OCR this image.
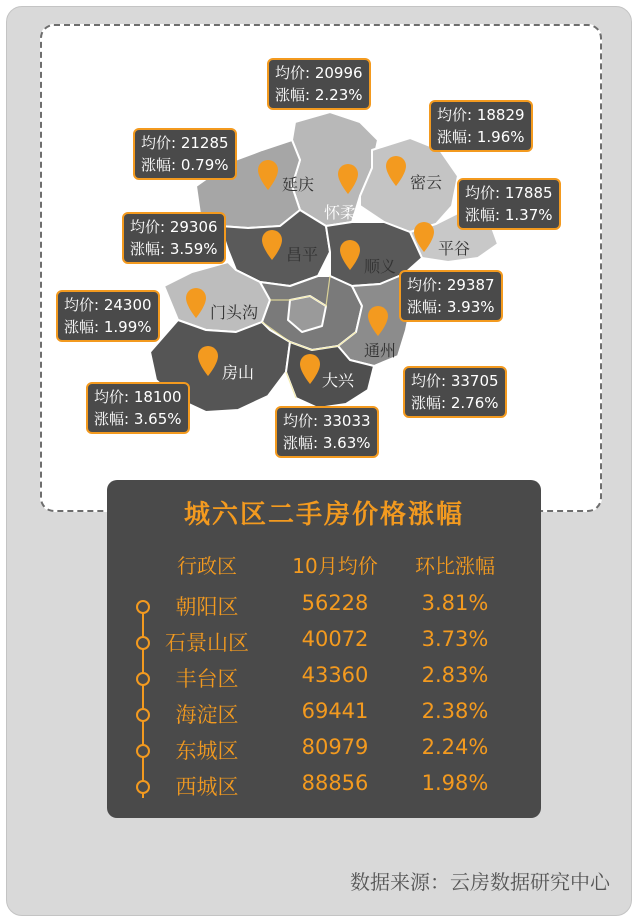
延庆
怀柔
密云
平谷
昌平
顺义
门头沟
通州
房山	大兴
均价: 21285
涨幅: 0.79%
均价: 20996
涨幅: 2.23%
均价: 18829
涨幅: 1.96%
均价: 17885
涨幅: 1.37%
均价: 29306
涨幅: 3.59%
均价: 29387
涨幅: 3.93%
均价: 24300
涨幅: 1.99%
均价: 33705
涨幅: 2.76%
均价: 18100
涨幅: 3.65%	均价: 33033
涨幅: 3.63%
城六区二手房价格涨幅
行政区	10月均价	环比涨幅
朝阳区	56228	3.81%
石景山区	40072	3.73%
丰台区	43360	2.83%
海淀区	69441	2.38%
东城区	80979	2.24%
西城区	88856	1.98%
数据来源：云房数据研究中心
